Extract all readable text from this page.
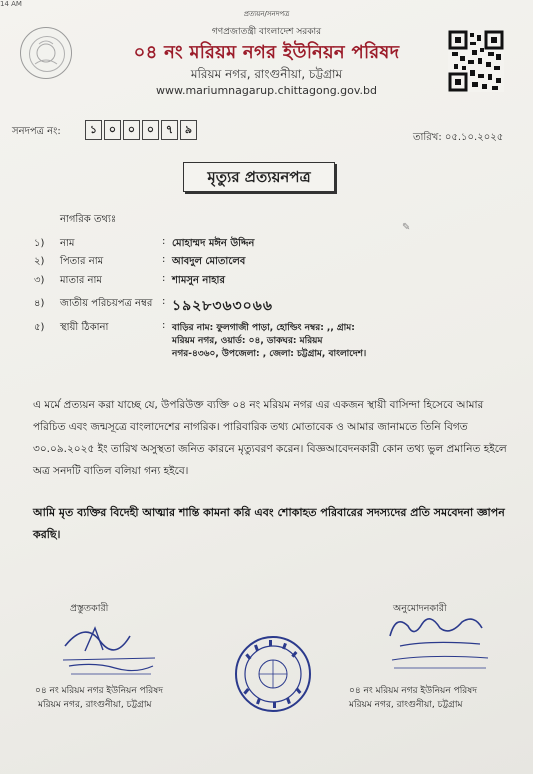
14 AM
প্রত্যয়ন/সনদপত্র
গণপ্রজাতন্ত্রী বাংলাদেশ সরকার
০৪ নং মরিয়ম নগর ইউনিয়ন পরিষদ
মরিয়ম নগর, রাংগুনীয়া, চট্টগ্রাম
www.mariumnagarup.chittagong.gov.bd
সনদপত্র নং:	১	০	০	০	৭	৯
তারিখ: ০৫.১০.২০২৫
মৃত্যুর প্রত্যয়নপত্র
নাগরিক তথ্যঃ
✎
১) নাম	: মোহাম্মদ মঈন উদ্দিন
২) পিতার নাম	: আবদুল মোতালেব
৩) মাতার নাম	: শামসুন নাহার
৪) জাতীয় পরিচয়পত্র নম্বর : ১৯২৮৩৬৩০৬৬
৫) স্থায়ী ঠিকানা	: বাড়ির নাম: ফুলগাজী পাড়া, হোল্ডিং নম্বর: ,, গ্রাম: মরিয়ম নগর, ওয়ার্ড: ০৪, ডাকঘর: মরিয়ম নগর-৪৩৬০, উপজেলা: , জেলা: চট্টগ্রাম, বাংলাদেশ।
এ মর্মে প্রত্যয়ন করা যাচ্ছে যে, উপরিউক্ত ব্যক্তি ০৪ নং মরিয়ম নগর এর একজন স্থায়ী বাসিন্দা হিসেবে আমার পরিচিত এবং জন্মসূত্রে বাংলাদেশের নাগরিক। পারিবারিক তথ্য মোতাবেক ও আমার জানামতে তিনি বিগত ৩০.০৯.২০২৫ ইং তারিখ অসুস্থতা জনিত কারনে মৃত্যুবরণ করেন। বিজ্ঞআবেদনকারী কোন তথ্য ভুল প্রমানিত হইলে অত্র সনদটি বাতিল বলিয়া গন্য হইবে।
আমি মৃত ব্যক্তির বিদেহী আত্মার শান্তি কামনা করি এবং শোকাহত পরিবারের সদস্যদের প্রতি সমবেদনা জ্ঞাপন করছি।
প্রস্তুতকারী	অনুমোদনকারী
০৪ নং মরিয়ম নগর ইউনিয়ন পরিষদ
মরিয়ম নগর, রাংগুনীয়া, চট্টগ্রাম
০৪ নং মরিয়ম নগর ইউনিয়ন পরিষদ
মরিয়ম নগর, রাংগুনীয়া, চট্টগ্রাম
